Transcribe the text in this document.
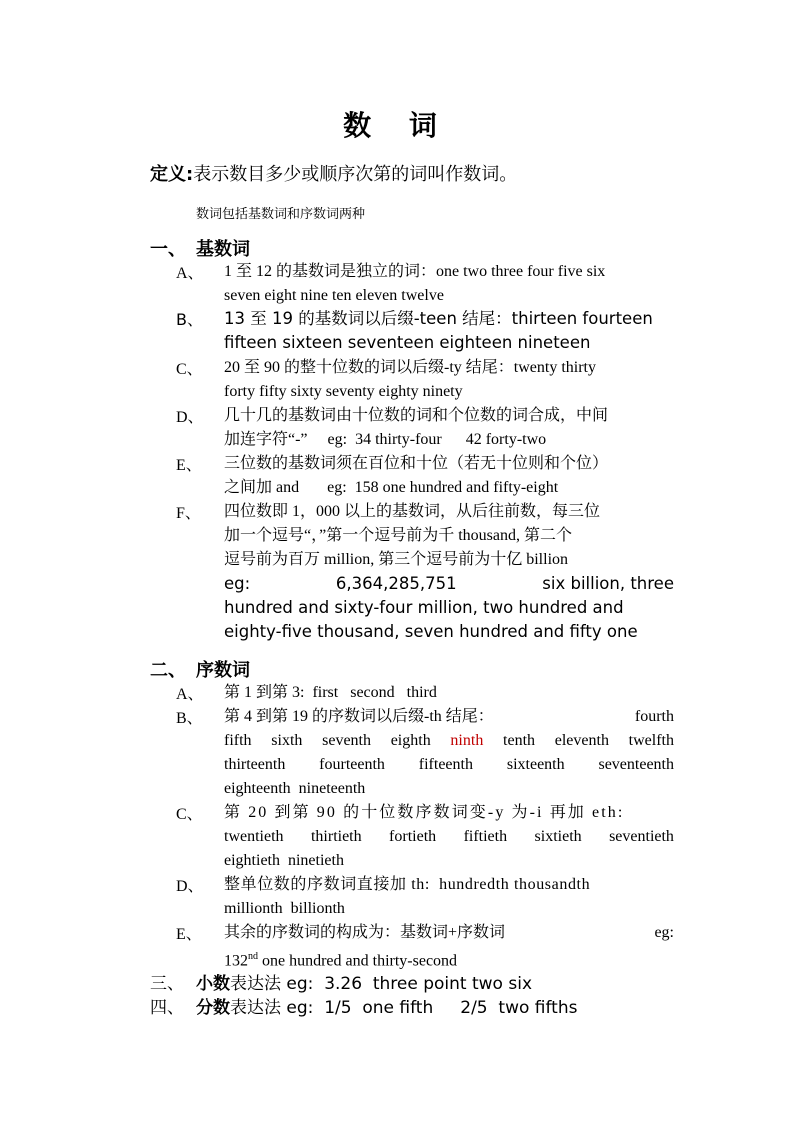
数 词
定义:表示数目多少或顺序次第的词叫作数词。
数词包括基数词和序数词两种
一、 基数词
A、 1 至 12 的基数词是独立的词：one two three four five six
seven eight nine ten eleven twelve
B、 13 至 19 的基数词以后缀-teen 结尾：thirteen fourteen
fifteen sixteen seventeen eighteen nineteen
C、 20 至 90 的整十位数的词以后缀-ty 结尾：twenty thirty
forty fifty sixty seventy eighty ninety
D、 几十几的基数词由十位数的词和个位数的词合成，中间
加连字符“-”     eg:  34 thirty-four      42 forty-two
E、 三位数的基数词须在百位和十位（若无十位则和个位）
之间加 and       eg:  158 one hundred and fifty-eight
F、 四位数即 1，000 以上的基数词，从后往前数，每三位
加一个逗号“，”第一个逗号前为千 thousand, 第二个
逗号前为百万 million, 第三个逗号前为十亿 billion
eg:	6,364,285,751	six billion, three
hundred and sixty-four million, two hundred and
eighty-five thousand, seven hundred and fifty one
二、 序数词
A、 第 1 到第 3:  first   second   third
B、 第 4 到第 19 的序数词以后缀-th 结尾：	fourth
fifth sixth seventh eighth ninth tenth eleventh twelfth
thirteenth fourteenth fifteenth sixteenth seventeenth
eighteenth  nineteenth
C、 第 20 到第 90 的十位数序数词变-y 为-i 再加 eth:
twentieth thirtieth fortieth fiftieth sixtieth seventieth
eightieth  ninetieth
D、 整单位数的序数词直接加 th:  hundredth thousandth
millionth  billionth
E、 其余的序数词的构成为：基数词+序数词	eg:
132nd one hundred and thirty-second
三、 小数表达法 eg:  3.26  three point two six
四、 分数表达法 eg:  1/5  one fifth     2/5  two fifths
